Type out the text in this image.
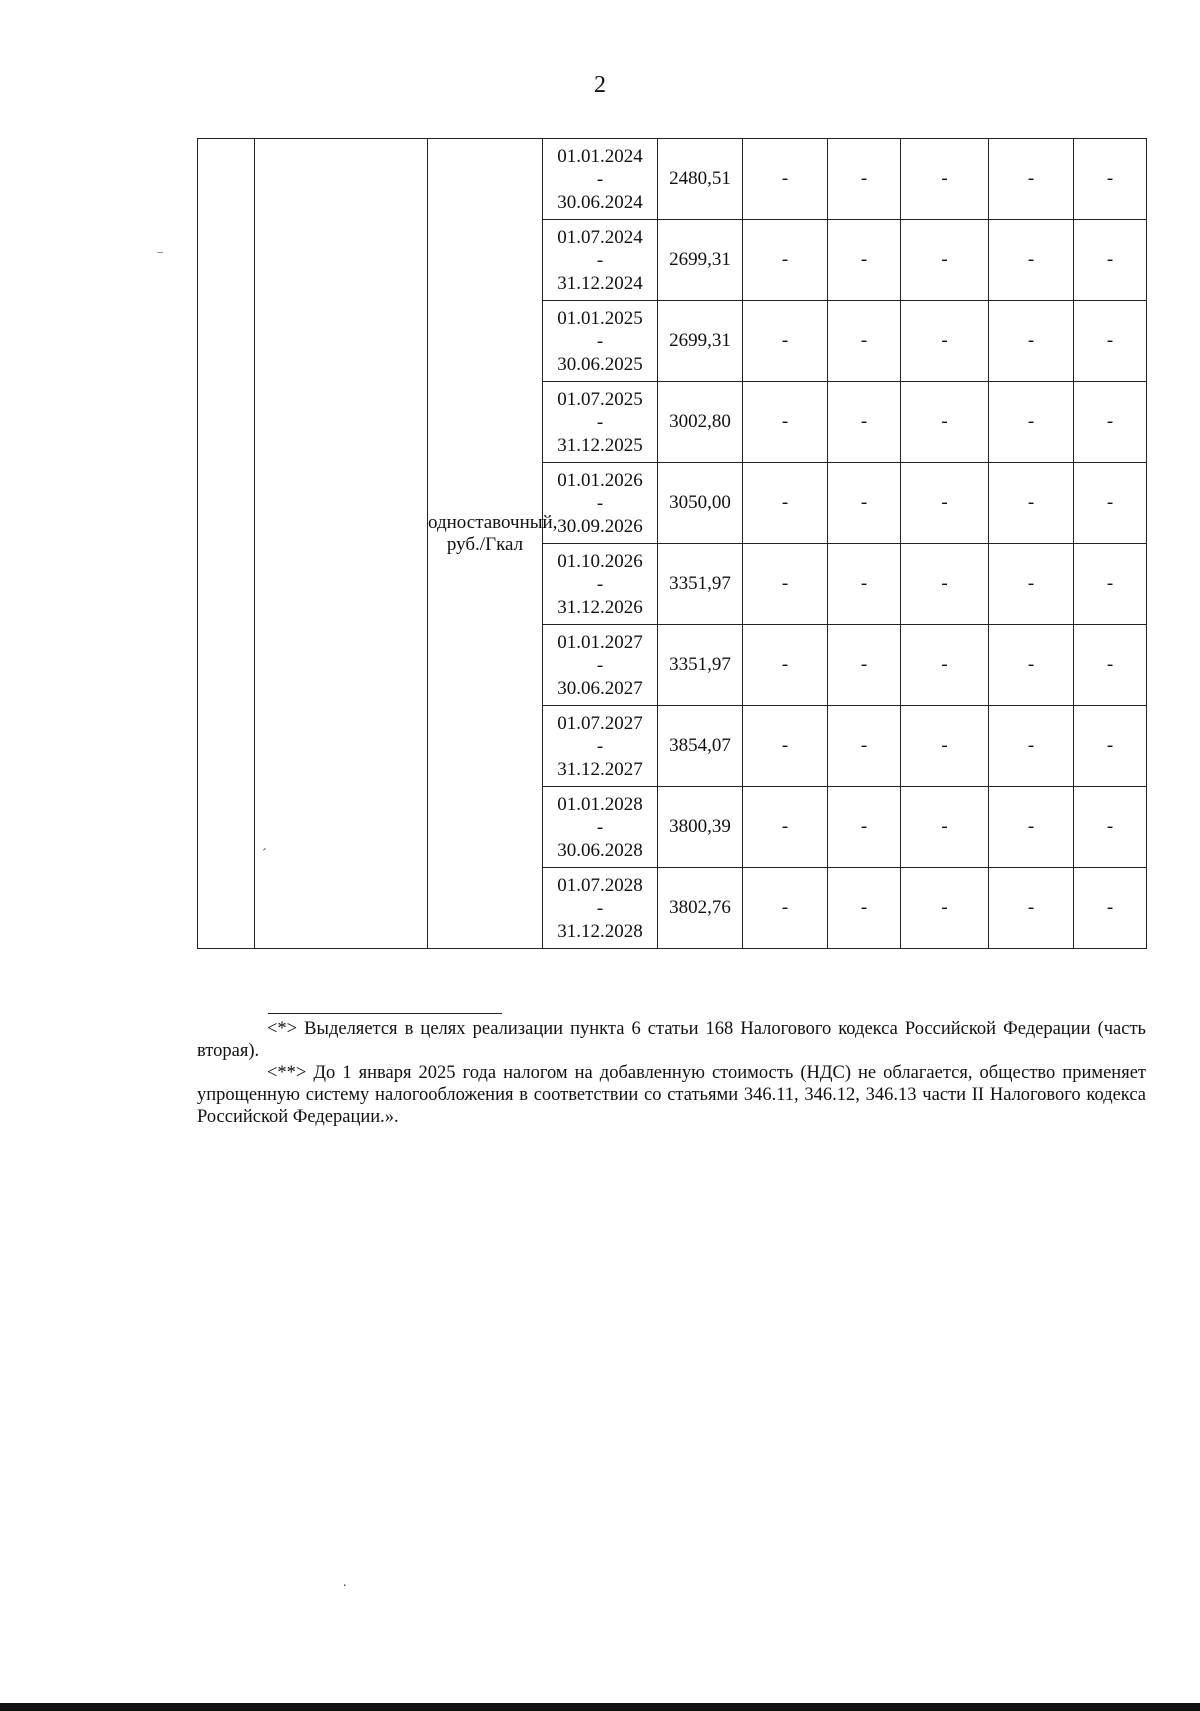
2
		одноставочный, руб./Гкал	01.01.2024
-
30.06.2024	2480,51	-	-	-	-	-

			01.07.2024
-
31.12.2024	2699,31	-	-	-	-	-

			01.01.2025
-
30.06.2025	2699,31	-	-	-	-	-

			01.07.2025
-
31.12.2025	3002,80	-	-	-	-	-

			01.01.2026
-
30.09.2026	3050,00	-	-	-	-	-

			01.10.2026
-
31.12.2026	3351,97	-	-	-	-	-

			01.01.2027
-
30.06.2027	3351,97	-	-	-	-	-

			01.07.2027
-
31.12.2027	3854,07	-	-	-	-	-

			01.01.2028
-
30.06.2028	3800,39	-	-	-	-	-

			01.07.2028
-
31.12.2028	3802,76	-	-	-	-	-

<*> Выделяется в целях реализации пункта 6 статьи 168 Налогового кодекса Российской Федерации (часть вторая).

<**> До 1 января 2025 года налогом на добавленную стоимость (НДС) не облагается, общество применяет упрощенную систему налогообложения в соответствии со статьями 346.11, 346.12, 346.13 части II Налогового кодекса Российской Федерации.».

‾
ˊ
.
